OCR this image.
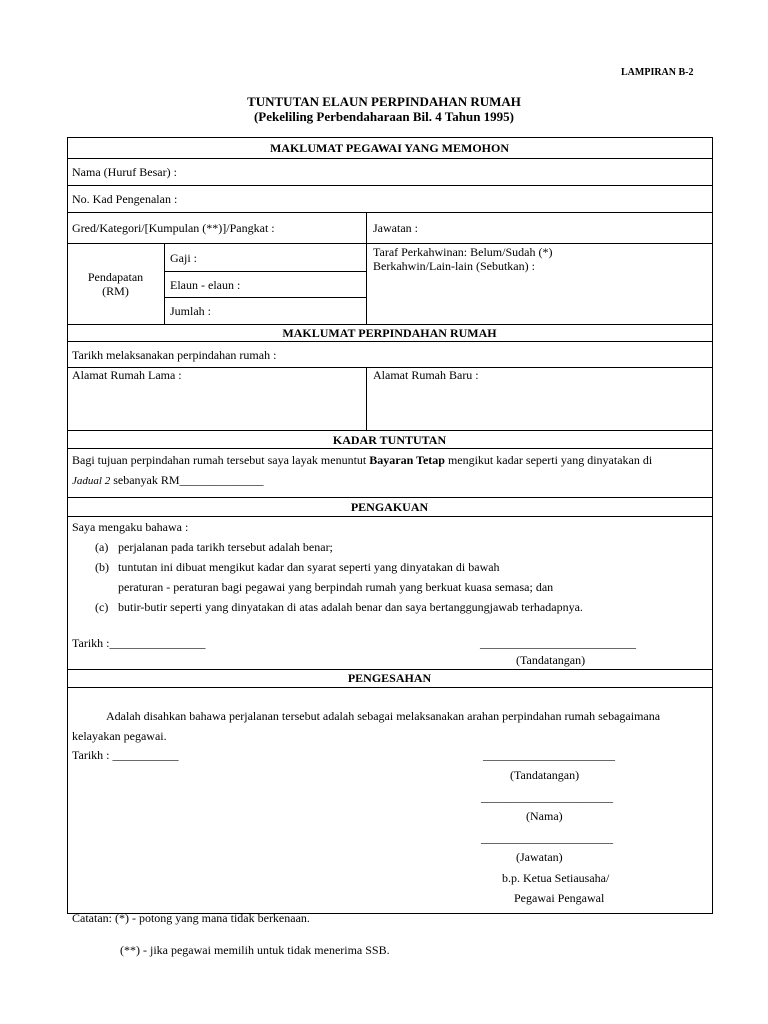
LAMPIRAN B-2
TUNTUTAN ELAUN PERPINDAHAN RUMAH
(Pekeliling Perbendaharaan Bil. 4 Tahun 1995)
MAKLUMAT PEGAWAI YANG MEMOHON
Nama (Huruf Besar) :
No. Kad Pengenalan :
Gred/Kategori/[Kumpulan (**)]/Pangkat :	Jawatan :
Pendapatan
(RM)
Gaji :
Elaun - elaun :
Jumlah :
Taraf Perkahwinan: Belum/Sudah (*)
Berkahwin/Lain-lain (Sebutkan) :
MAKLUMAT PERPINDAHAN RUMAH
Tarikh melaksanakan perpindahan rumah :
Alamat Rumah Lama :	Alamat Rumah Baru :
KADAR TUNTUTAN
Bagi tujuan perpindahan rumah tersebut saya layak menuntut Bayaran Tetap mengikut kadar seperti yang dinyatakan di
Jadual 2 sebanyak RM______________
PENGAKUAN
Saya mengaku bahawa :
(a) perjalanan pada tarikh tersebut adalah benar;
(b) tuntutan ini dibuat mengikut kadar dan syarat seperti yang dinyatakan di bawah
peraturan - peraturan bagi pegawai yang berpindah rumah yang berkuat kuasa semasa; dan
(c) butir-butir seperti yang dinyatakan di atas adalah benar dan saya bertanggungjawab terhadapnya.
Tarikh :________________	__________________________
(Tandatangan)
PENGESAHAN
Adalah disahkan bahawa perjalanan tersebut adalah sebagai melaksanakan arahan perpindahan rumah sebagaimana
kelayakan pegawai.
Tarikh : ___________	______________________
(Tandatangan)
______________________
(Nama)
______________________
(Jawatan)
b.p. Ketua Setiausaha/
Pegawai Pengawal
Catatan: (*) - potong yang mana tidak berkenaan.
(**) - jika pegawai memilih untuk tidak menerima SSB.
